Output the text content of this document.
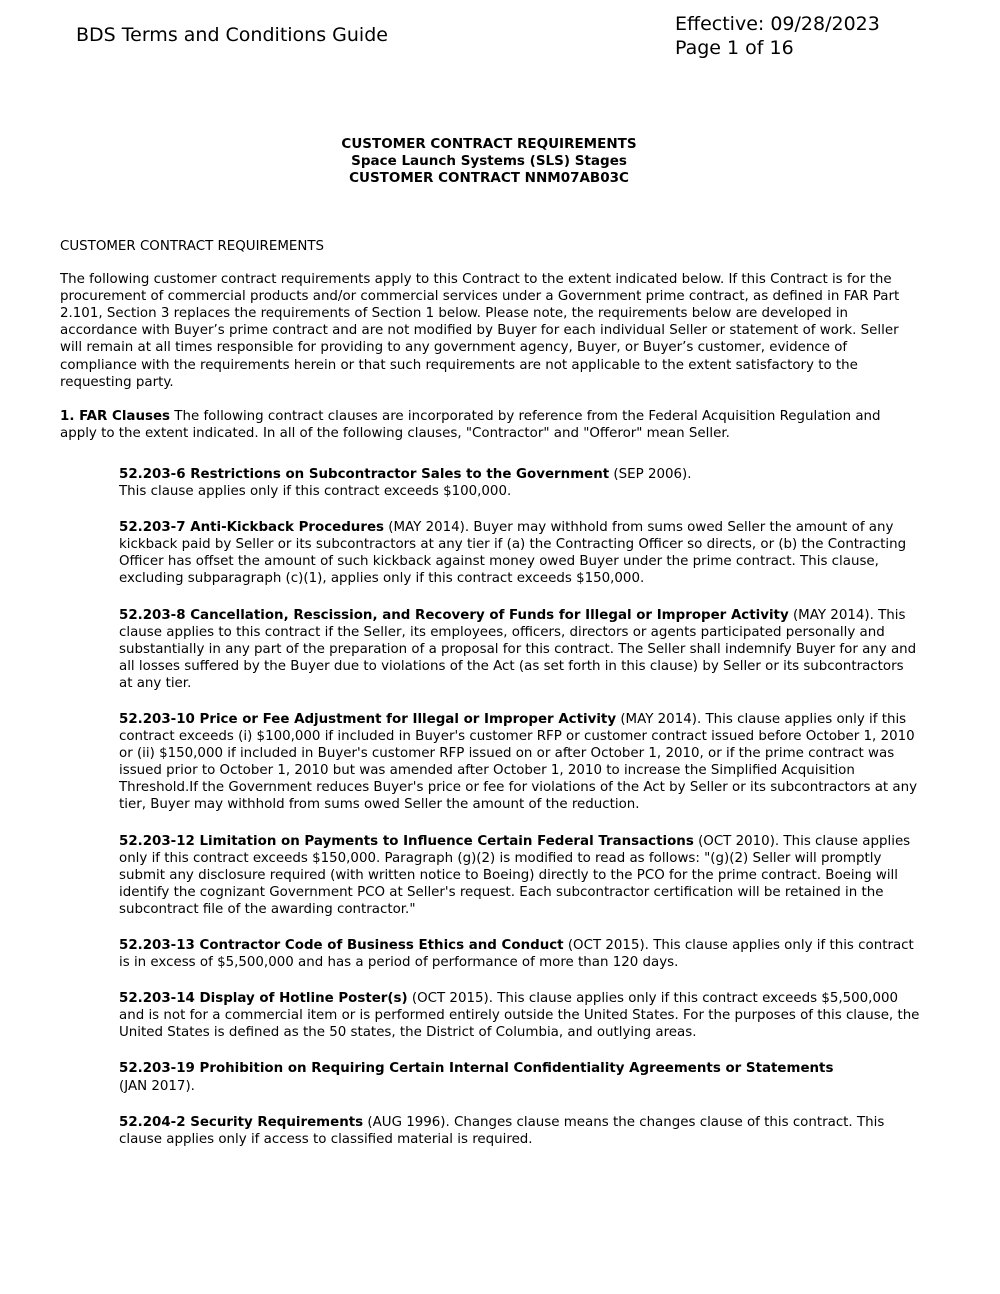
BDS Terms and Conditions Guide	Effective: 09/28/2023
Page 1 of 16
CUSTOMER CONTRACT REQUIREMENTS
Space Launch Systems (SLS) Stages
CUSTOMER CONTRACT NNM07AB03C

CUSTOMER CONTRACT REQUIREMENTS

The following customer contract requirements apply to this Contract to the extent indicated below. If this Contract is for the procurement of commercial products and/or commercial services under a Government prime contract, as defined in FAR Part 2.101, Section 3 replaces the requirements of Section 1 below. Please note, the requirements below are developed in accordance with Buyer’s prime contract and are not modified by Buyer for each individual Seller or statement of work. Seller will remain at all times responsible for providing to any government agency, Buyer, or Buyer’s customer, evidence of compliance with the requirements herein or that such requirements are not applicable to the extent satisfactory to the requesting party.

1. FAR Clauses The following contract clauses are incorporated by reference from the Federal Acquisition Regulation and apply to the extent indicated. In all of the following clauses, "Contractor" and "Offeror" mean Seller.

52.203-6 Restrictions on Subcontractor Sales to the Government (SEP 2006).
This clause applies only if this contract exceeds $100,000.

52.203-7 Anti-Kickback Procedures (MAY 2014). Buyer may withhold from sums owed Seller the amount of any kickback paid by Seller or its subcontractors at any tier if (a) the Contracting Officer so directs, or (b) the Contracting Officer has offset the amount of such kickback against money owed Buyer under the prime contract. This clause, excluding subparagraph (c)(1), applies only if this contract exceeds $150,000.

52.203-8 Cancellation, Rescission, and Recovery of Funds for Illegal or Improper Activity (MAY 2014). This clause applies to this contract if the Seller, its employees, officers, directors or agents participated personally and substantially in any part of the preparation of a proposal for this contract. The Seller shall indemnify Buyer for any and all losses suffered by the Buyer due to violations of the Act (as set forth in this clause) by Seller or its subcontractors at any tier.

52.203-10 Price or Fee Adjustment for Illegal or Improper Activity (MAY 2014). This clause applies only if this contract exceeds (i) $100,000 if included in Buyer's customer RFP or customer contract issued before October 1, 2010 or (ii) $150,000 if included in Buyer's customer RFP issued on or after October 1, 2010, or if the prime contract was issued prior to October 1, 2010 but was amended after October 1, 2010 to increase the Simplified Acquisition Threshold.If the Government reduces Buyer's price or fee for violations of the Act by Seller or its subcontractors at any tier, Buyer may withhold from sums owed Seller the amount of the reduction.

52.203-12 Limitation on Payments to Influence Certain Federal Transactions (OCT 2010). This clause applies only if this contract exceeds $150,000. Paragraph (g)(2) is modified to read as follows: "(g)(2) Seller will promptly submit any disclosure required (with written notice to Boeing) directly to the PCO for the prime contract. Boeing will identify the cognizant Government PCO at Seller's request. Each subcontractor certification will be retained in the subcontract file of the awarding contractor."

52.203-13 Contractor Code of Business Ethics and Conduct (OCT 2015). This clause applies only if this contract is in excess of $5,500,000 and has a period of performance of more than 120 days.

52.203-14 Display of Hotline Poster(s) (OCT 2015). This clause applies only if this contract exceeds $5,500,000 and is not for a commercial item or is performed entirely outside the United States. For the purposes of this clause, the United States is defined as the 50 states, the District of Columbia, and outlying areas.

52.203-19 Prohibition on Requiring Certain Internal Confidentiality Agreements or Statements
(JAN 2017).

52.204-2 Security Requirements (AUG 1996). Changes clause means the changes clause of this contract. This clause applies only if access to classified material is required.
